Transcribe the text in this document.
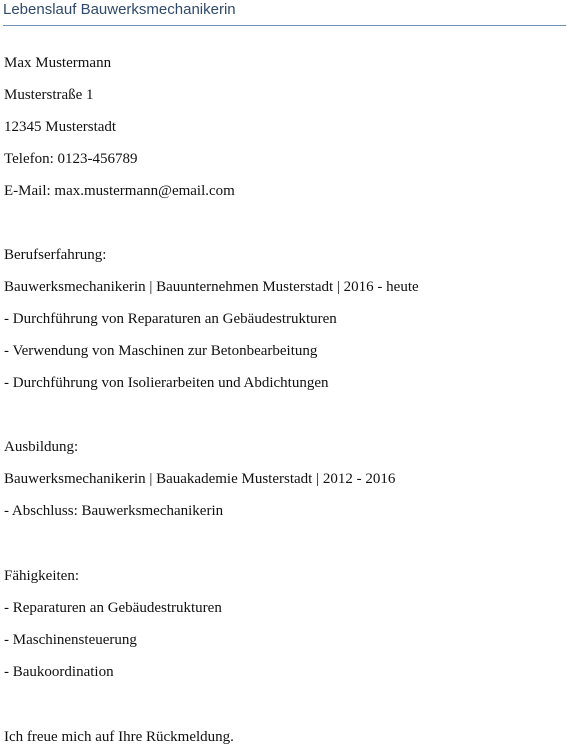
Lebenslauf Bauwerksmechanikerin
Max Mustermann
Musterstraße 1
12345 Musterstadt
Telefon: 0123-456789
E-Mail: max.mustermann@email.com
Berufserfahrung:
Bauwerksmechanikerin | Bauunternehmen Musterstadt | 2016 - heute
- Durchführung von Reparaturen an Gebäudestrukturen
- Verwendung von Maschinen zur Betonbearbeitung
- Durchführung von Isolierarbeiten und Abdichtungen
Ausbildung:
Bauwerksmechanikerin | Bauakademie Musterstadt | 2012 - 2016
- Abschluss: Bauwerksmechanikerin
Fähigkeiten:
- Reparaturen an Gebäudestrukturen
- Maschinensteuerung
- Baukoordination
Ich freue mich auf Ihre Rückmeldung.
